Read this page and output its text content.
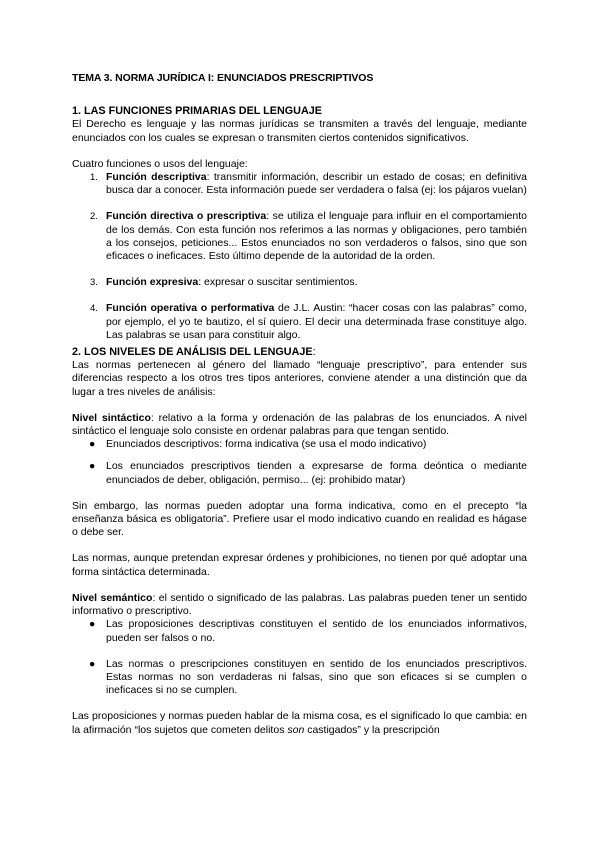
TEMA 3. NORMA JURÍDICA I: ENUNCIADOS PRESCRIPTIVOS

1. LAS FUNCIONES PRIMARIAS DEL LENGUAJE

El Derecho es lenguaje y las normas jurídicas se transmiten a través del lenguaje, mediante enunciados con los cuales se expresan o transmiten ciertos contenidos significativos.

Cuatro funciones o usos del lenguaje:

1. Función descriptiva: transmitir información, describir un estado de cosas; en definitiva busca dar a conocer. Esta información puede ser verdadera o falsa (ej: los pájaros vuelan)
2. Función directiva o prescriptiva: se utiliza el lenguaje para influir en el comportamiento de los demás. Con esta función nos referimos a las normas y obligaciones, pero también a los consejos, peticiones... Estos enunciados no son verdaderos o falsos, sino que son eficaces o ineficaces. Esto último depende de la autoridad de la orden.
3. Función expresiva: expresar o suscitar sentimientos.
4. Función operativa o performativa de J.L. Austin: “hacer cosas con las palabras” como, por ejemplo, el yo te bautizo, el sí quiero. El decir una determinada frase constituye algo. Las palabras se usan para constituir algo.

2. LOS NIVELES DE ANÁLISIS DEL LENGUAJE:

Las normas pertenecen al género del llamado “lenguaje prescriptivo”, para entender sus diferencias respecto a los otros tres tipos anteriores, conviene atender a una distinción que da lugar a tres niveles de análisis:

Nivel sintáctico: relativo a la forma y ordenación de las palabras de los enunciados. A nivel sintáctico el lenguaje solo consiste en ordenar palabras para que tengan sentido.

● Enunciados descriptivos: forma indicativa (se usa el modo indicativo)
● Los enunciados prescriptivos tienden a expresarse de forma deóntica o mediante enunciados de deber, obligación, permiso... (ej: prohibido matar)

Sin embargo, las normas pueden adoptar una forma indicativa, como en el precepto “la enseñanza básica es obligatoria”. Prefiere usar el modo indicativo cuando en realidad es hágase o debe ser.

Las normas, aunque pretendan expresar órdenes y prohibiciones, no tienen por qué adoptar una forma sintáctica determinada.

Nivel semántico: el sentido o significado de las palabras. Las palabras pueden tener un sentido informativo o prescriptivo.

● Las proposiciones descriptivas constituyen el sentido de los enunciados informativos, pueden ser falsos o no.
● Las normas o prescripciones constituyen en sentido de los enunciados prescriptivos. Estas normas no son verdaderas ni falsas, sino que son eficaces si se cumplen o ineficaces si no se cumplen.

Las proposiciones y normas pueden hablar de la misma cosa, es el significado lo que cambia: en la afirmación “los sujetos que cometen delitos son castigados” y la prescripción
